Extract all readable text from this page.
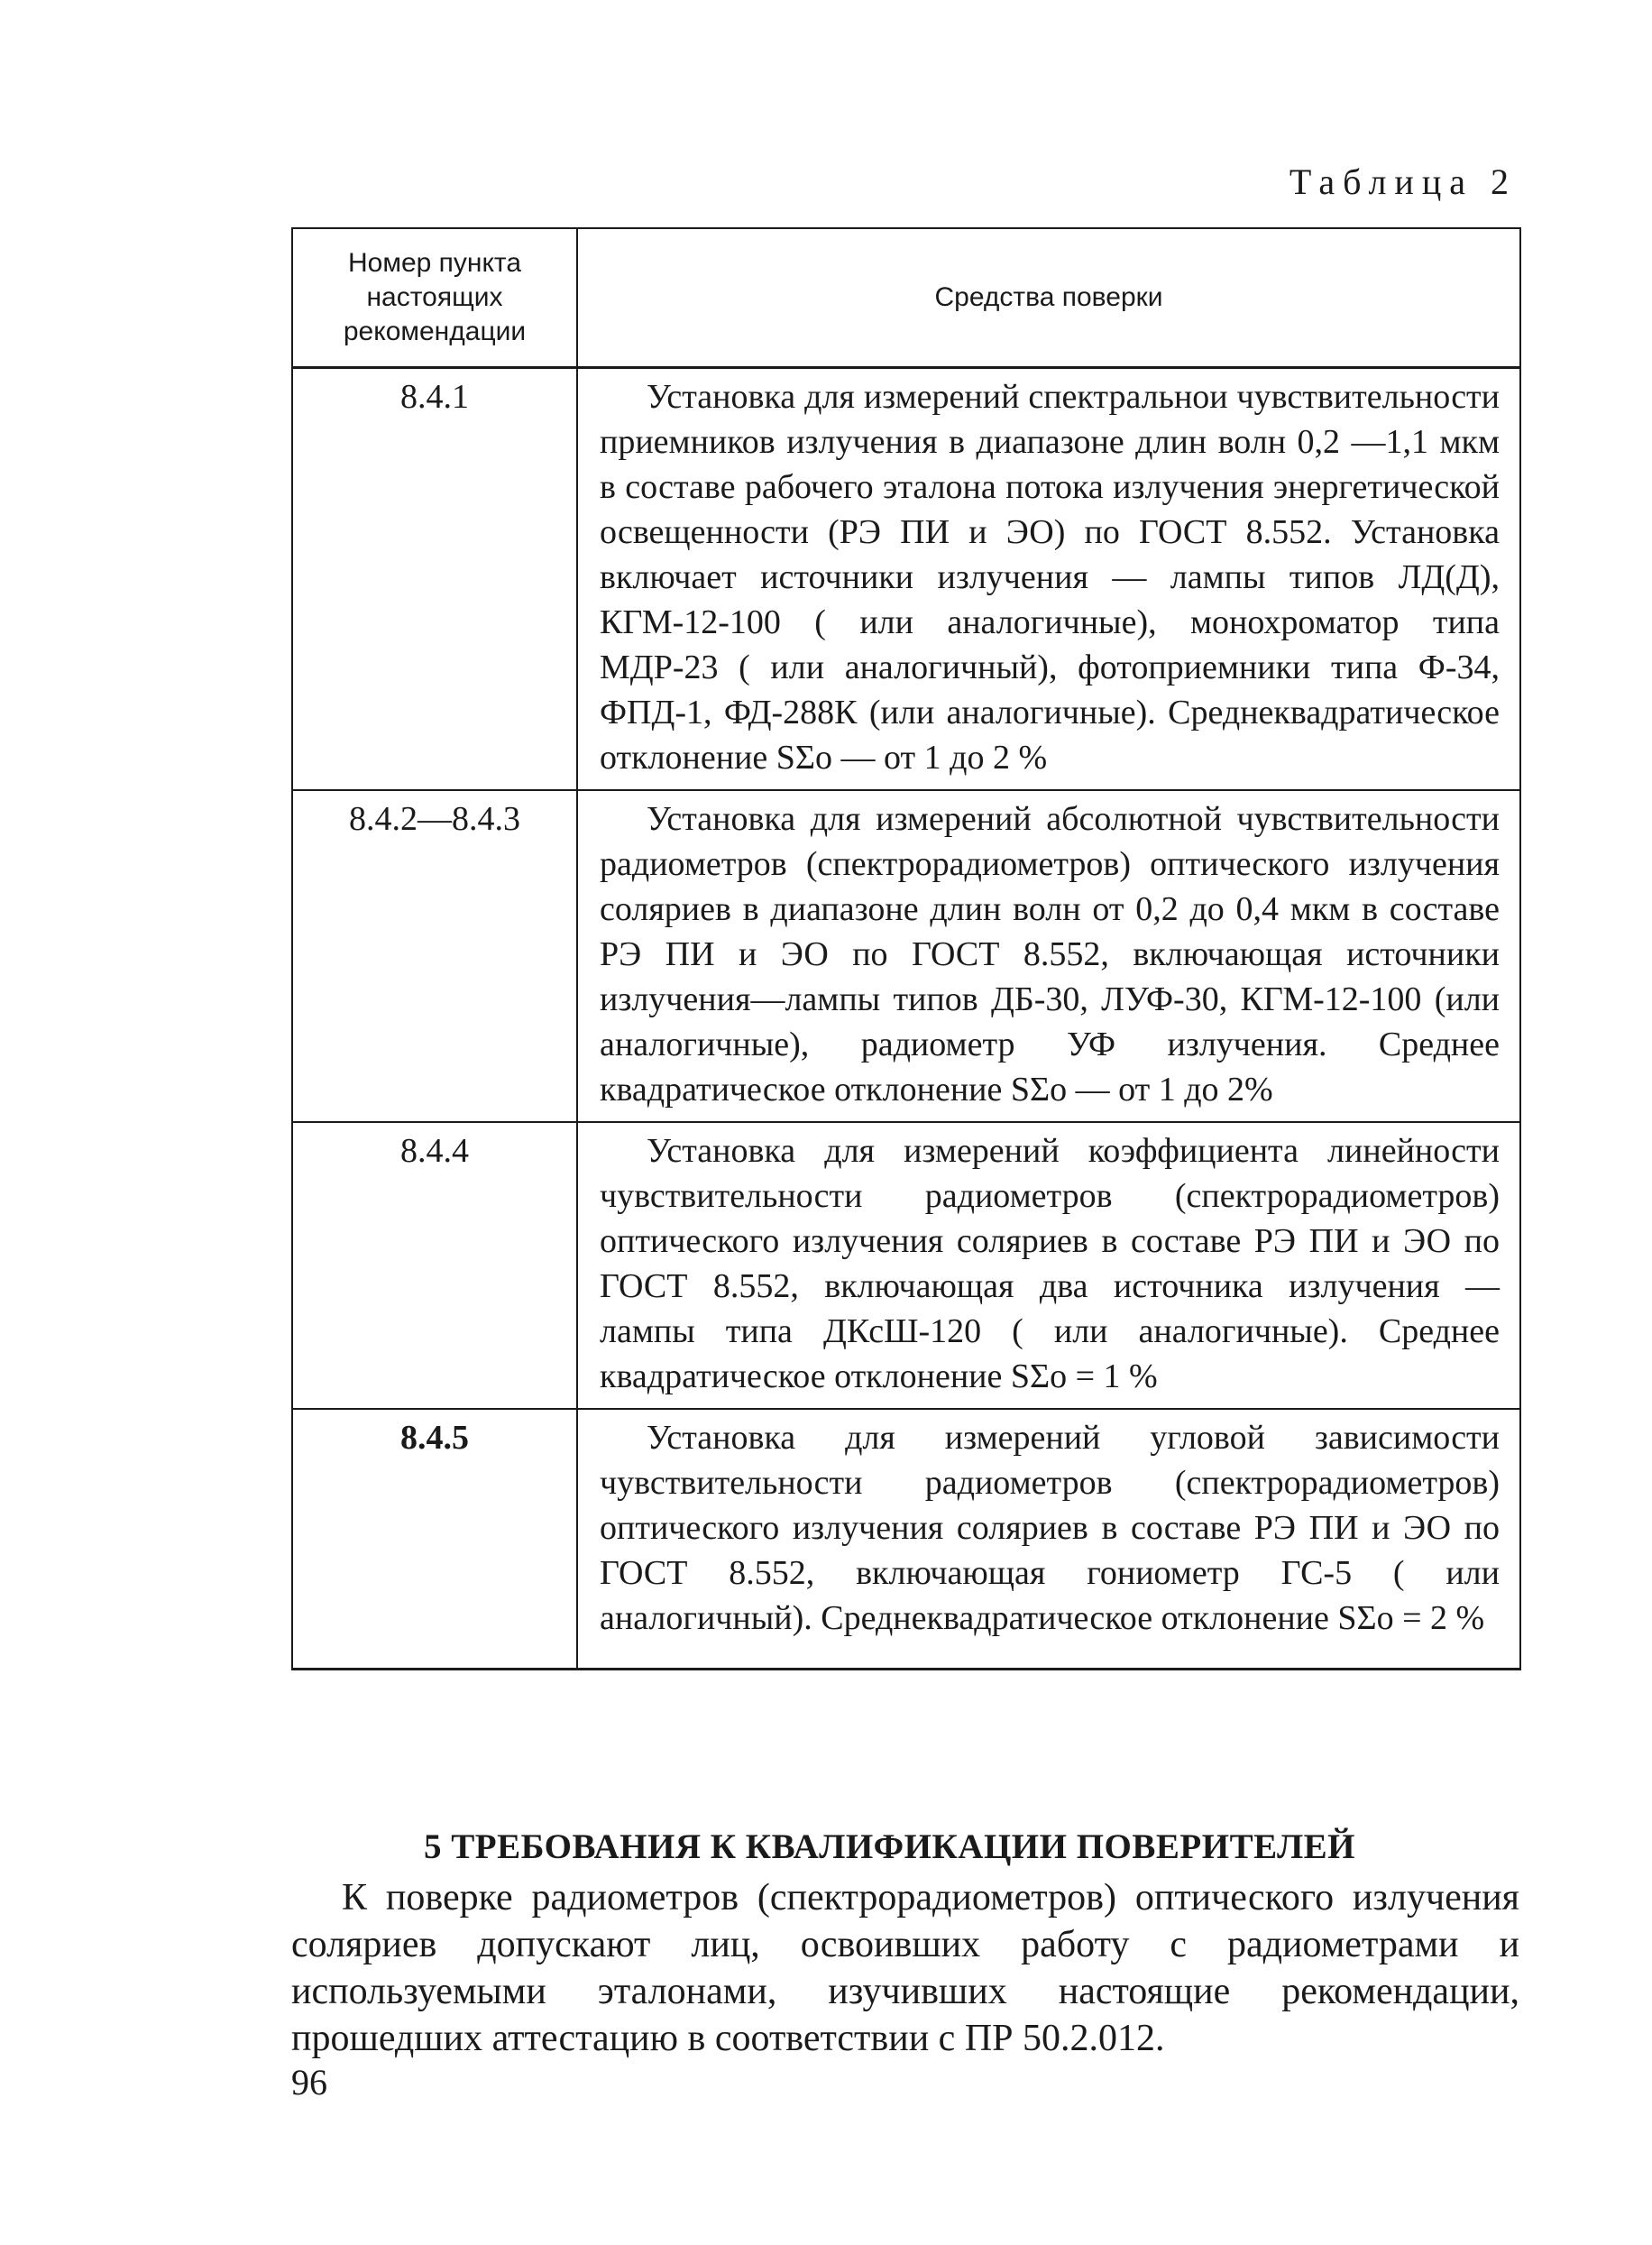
Таблица 2
Номер пункта настоящих рекомендации	Средства поверки
8.4.1	Установка для измерений спектральнои чувствительности приемников излучения в диапазоне длин волн 0,2 —1,1 мкм в составе рабочего эталона потока излучения энергетической освещенности (РЭ ПИ и ЭО) по ГОСТ 8.552. Установка включает источники излучения — лампы типов ЛД(Д), КГМ-12-100 ( или аналогичные), монохроматор типа МДР-23 ( или аналогичный), фотоприемники типа Ф-34, ФПД-1, ФД-288К (или аналогичные). Среднеквадратическое отклонение SΣo — от 1 до 2 %
8.4.2—8.4.3	Установка для измерений абсолютной чувствительности радиометров (спектрорадиометров) оптического излучения соляриев в диапазоне длин волн от 0,2 до 0,4 мкм в составе РЭ ПИ и ЭО по ГОСТ 8.552, включающая источники излучения—лампы типов ДБ-30, ЛУФ-30, КГМ-12-100 (или аналогичные), радиометр УФ излучения. Среднее квадратическое отклонение SΣo — от 1 до 2%
8.4.4	Установка для измерений коэффициента линейности чувствительности радиометров (спектрорадиометров) оптического излучения соляриев в составе РЭ ПИ и ЭО по ГОСТ 8.552, включающая два источника излучения — лампы типа ДКсШ-120 ( или аналогичные). Среднее квадратическое отклонение SΣo = 1 %
8.4.5	Установка для измерений угловой зависимости чувствительности радиометров (спектрорадиометров) оптического излучения соляриев в составе РЭ ПИ и ЭО по ГОСТ 8.552, включающая гониометр ГС-5 ( или аналогичный). Среднеквадратическое отклонение SΣo = 2 %
5 ТРЕБОВАНИЯ К КВАЛИФИКАЦИИ ПОВЕРИТЕЛЕЙ
К поверке радиометров (спектрорадиометров) оптического излучения соляриев допускают лиц, освоивших работу с радиометрами и используемыми эталонами, изучивших настоящие рекомендации, прошедших аттестацию в соответствии с ПР 50.2.012.
96
